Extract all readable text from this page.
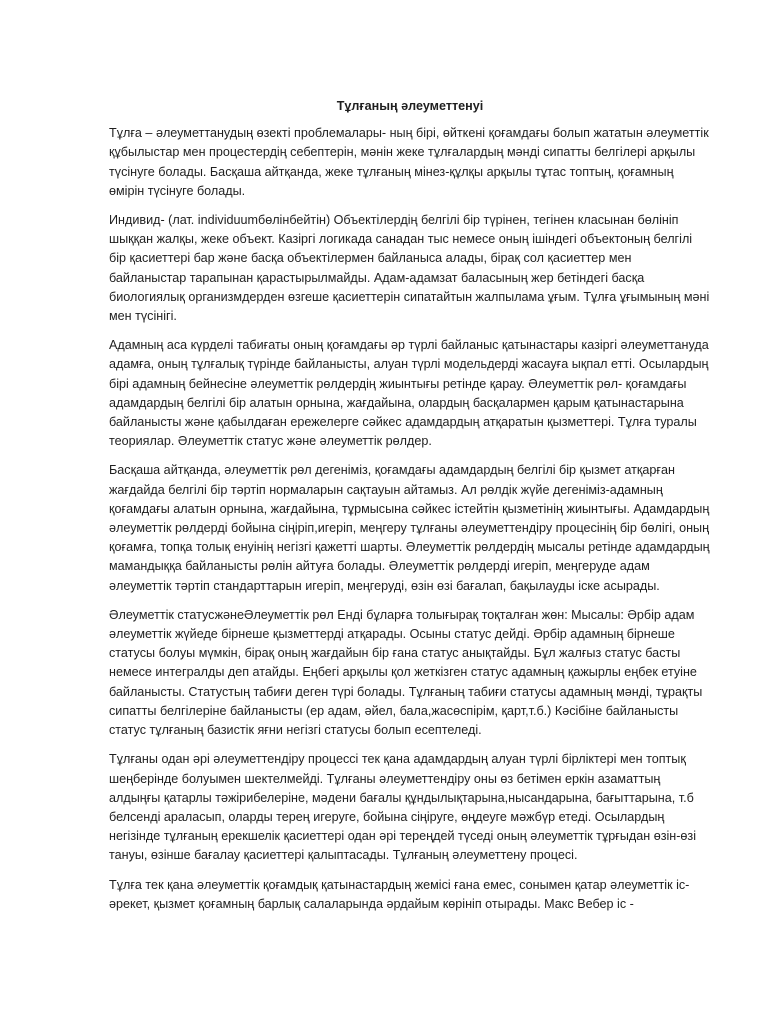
Тұлғаның әлеуметтенуі

Тұлға – әлеуметтанудың өзекті проблемалары- ның бірі, өйткені қоғамдағы болып жататын әлеуметтік құбылыстар мен процестердің себептерін, мәнін жеке тұлғалардың мәнді сипатты белгілері арқылы түсінуге болады. Басқаша айтқанда, жеке тұлғаның мінез-құлқы арқылы тұтас топтың, қоғамның өмірін түсінуге болады.

Индивид- (лат. individuumбөлінбейтін) Объектілердің белгілі бір түрінен, тегінен класынан бөлініп шыққан жалқы, жеке объект. Казіргі логикада санадан тыс немесе оның ішіндегі объектоның белгілі бір қасиеттері бар және басқа объектілермен байланыса алады, бірақ сол қасиеттер мен байланыстар тарапынан қарастырылмайды. Адам-адамзат баласының жер бетіндегі басқа биологиялық организмдерден өзгеше қасиеттерін сипатайтын жалпылама ұғым. Тұлға ұғымының мәні мен түсінігі.

Адамның аса күрделі табиғаты оның қоғамдағы әр түрлі байланыс қатынастары казіргі әлеуметтануда адамға, оның тұлғалық түрінде байланысты, алуан түрлі модельдерді жасауға ықпал етті. Осылардың бірі адамның бейнесіне әлеуметтік рөлдердің жиынтығы ретінде қарау. Әлеуметтік рөл- қоғамдағы адамдардың белгілі бір алатын орнына, жағдайына, олардың басқалармен қарым қатынастарына байланысты және қабылдаған ережелерге сәйкес адамдардың атқаратын қызметтері. Тұлға туралы теориялар. Әлеуметтік статус және әлеуметтік рөлдер.

Басқаша айтқанда, әлеуметтік рөл дегеніміз, қоғамдағы адамдардың белгілі бір қызмет атқарған жағдайда белгілі бір тәртіп нормаларын сақтауын айтамыз. Ал рөлдік жүйе дегеніміз-адамның қоғамдағы алатын орнына, жағдайына, тұрмысына сәйкес істейтін қызметінің жиынтығы. Адамдардың әлеуметтік рөлдерді бойына сіңіріп,игеріп, меңгеру тұлғаны әлеуметтендіру процесінің бір бөлігі, оның қоғамға, топқа толық енуінің негізгі қажетті шарты. Әлеуметтік рөлдердің мысалы ретінде адамдардың мамандыққа байланысты рөлін айтуға болады. Әлеуметтік рөлдерді игеріп, меңгеруде адам әлеуметтік тәртіп стандарттарын игеріп, меңгеруді, өзін өзі бағалап, бақылауды іске асырады.

Әлеуметтік статусжәнеӘлеуметтік рөл Енді бұларға толығырақ тоқталған жөн: Мысалы: Әрбір адам әлеуметтік жүйеде бірнеше қызметтерді атқарады. Осыны статус дейді. Әрбір адамның бірнеше статусы болуы мүмкін, бірақ оның жағдайын бір ғана статус анықтайды. Бұл жалғыз статус басты немесе интегралды деп атайды. Еңбегі арқылы қол жеткізген статус адамның қажырлы еңбек етуіне байланысты. Статустың табиғи деген түрі болады. Тұлғаның табиғи статусы адамның мәнді, тұрақты сипатты белгілеріне байланысты (ер адам, әйел, бала,жасөспірім, қарт,т.б.) Кәсібіне байланысты статус тұлғаның базистік яғни негізгі статусы болып есептеледі.

Тұлғаны одан әрі әлеуметтендіру процессі тек қана адамдардың алуан түрлі бірліктері мен топтық шеңберінде болуымен шектелмейді. Тұлғаны әлеуметтендіру оны өз бетімен еркін азаматтың алдыңғы қатарлы тәжірибелеріне, мәдени бағалы құндылықтарына,нысандарына, бағыттарына, т.б белсенді араласып, оларды терең игеруге, бойына сіңіруге, өңдеуге мәжбүр етеді. Осылардың негізінде тұлғаның ерекшелік қасиеттері одан әрі тереңдей түседі оның әлеуметтік тұрғыдан өзін-өзі тануы, өзінше бағалау қасиеттері қалыптасады. Тұлғаның әлеуметтену процесі.

Тұлға тек қана әлеуметтік қоғамдық қатынастардың жемісі ғана емес, сонымен қатар әлеуметтік іс- әрекет, қызмет қоғамның барлық салаларында әрдайым көрініп отырады. Макс Вебер іс -
